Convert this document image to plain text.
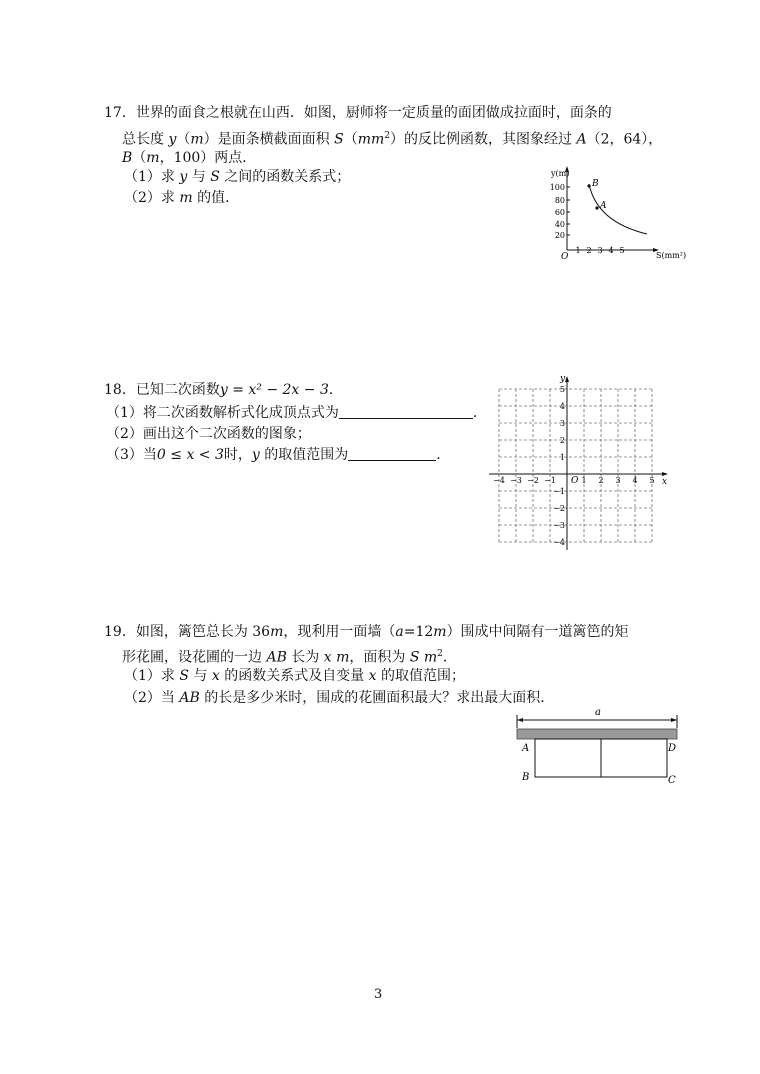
17．世界的面食之根就在山西．如图，厨师将一定质量的面团做成拉面时，面条的
总长度 y（m）是面条横截面面积 $S(mm^2)$的反比例函数，其图象经过 A（2，64），
B（m，100）两点．
（1）求 y 与 S 之间的函数关系式；
（2）求 m 的值．
y(m)
S(mm²)
O
100
80
60
40
20
1 2 3 4 5
B
A
18．已知二次函数y = x² − 2x − 3．
（1）将二次函数解析式化成顶点式为	．
（2）画出这个二次函数的图象；
（3）当0 ≤ x < 3时，y 的取值范围为	．
y
x
O
−4 −3 −2 −1	1 2 3 4 5
5
4
3
2
1
−1
−2
−3
−4
19．如图，篱笆总长为 36m，现利用一面墙（a=12m）围成中间隔有一道篱笆的矩
形花圃，设花圃的一边 AB 长为 x m，面积为 S $m^2$．
（1）求 S 与 x 的函数关系式及自变量 x 的取值范围；
（2）当 AB 的长是多少米时，围成的花圃面积最大？求出最大面积．
a
A	D
B	C
3
